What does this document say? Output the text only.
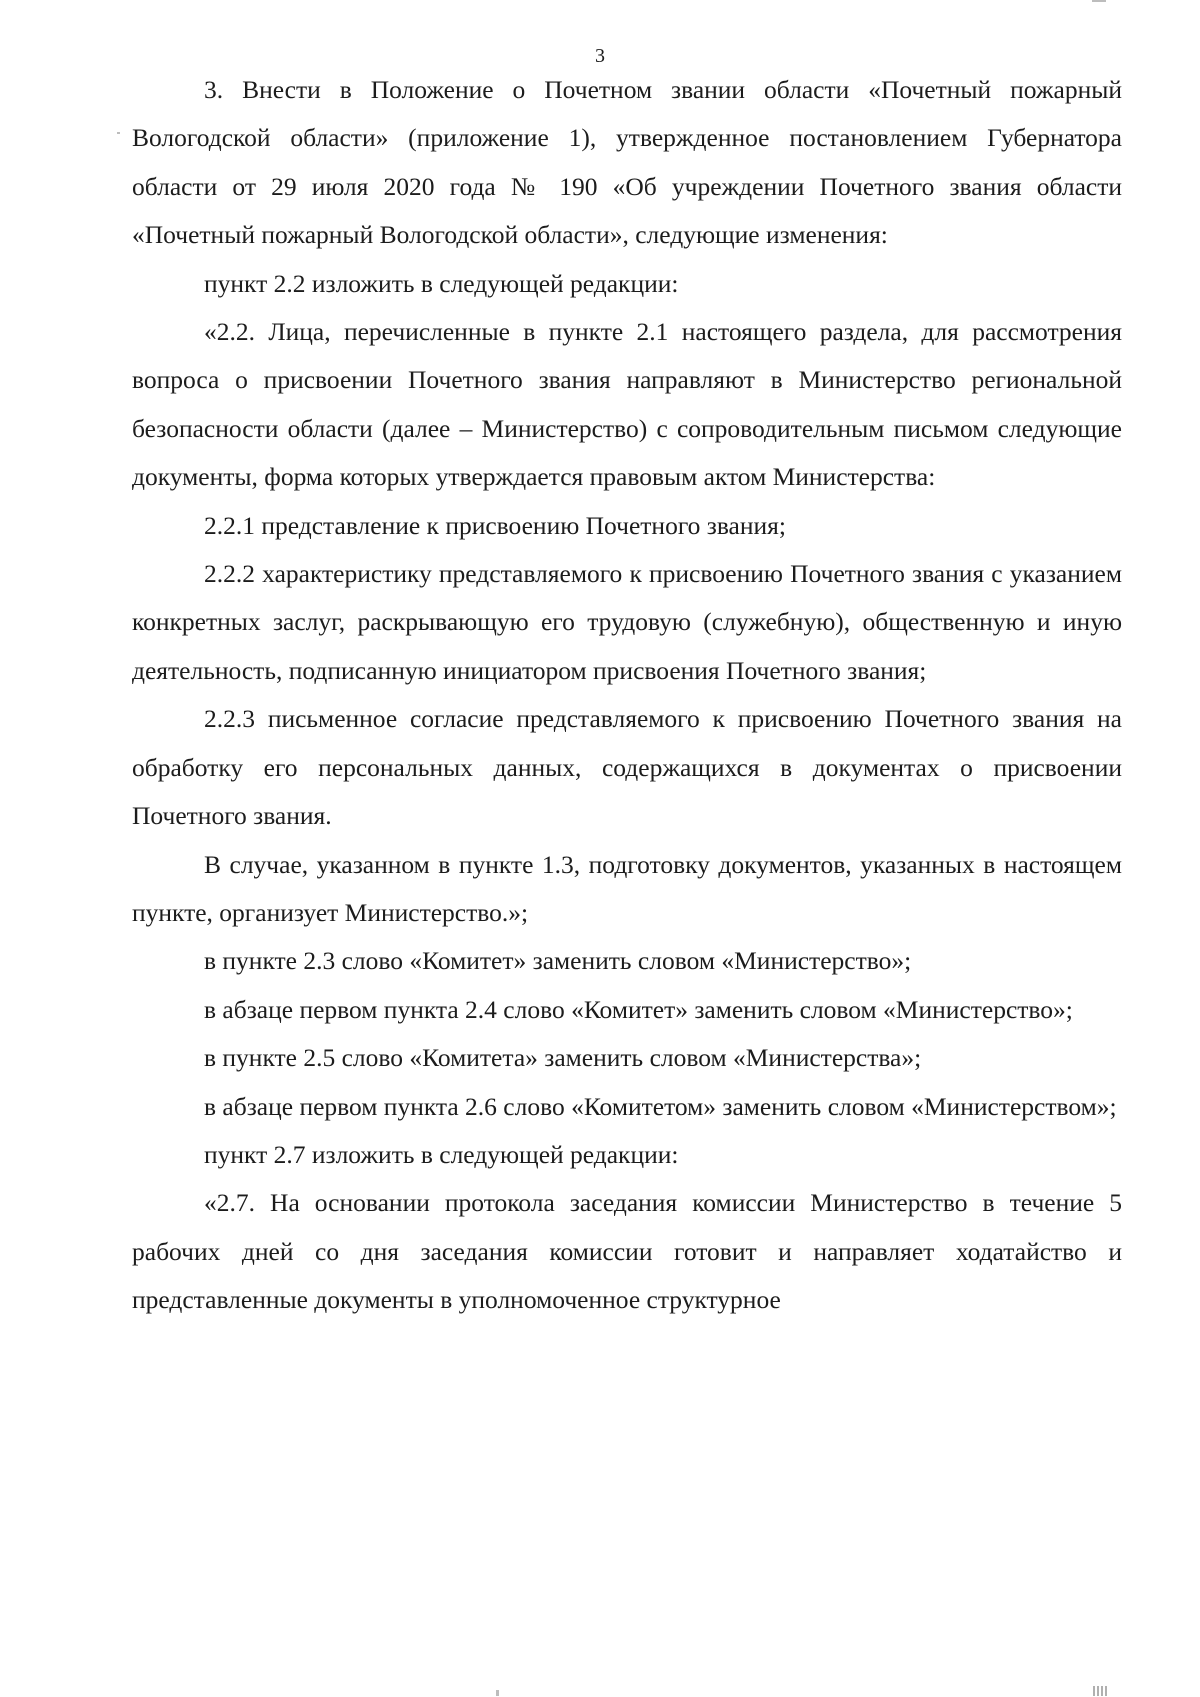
3

3. Внести в Положение о Почетном звании области «Почетный пожарный Вологодской области» (приложение 1), утвержденное постановлением Губернатора области от 29 июля 2020 года № 190 «Об учреждении Почетного звания области «Почетный пожарный Вологодской области», следующие изменения:

пункт 2.2 изложить в следующей редакции:

«2.2. Лица, перечисленные в пункте 2.1 настоящего раздела, для рассмотрения вопроса о присвоении Почетного звания направляют в Министерство региональной безопасности области (далее – Министерство) с сопроводительным письмом следующие документы, форма которых утверждается правовым актом Министерства:

2.2.1 представление к присвоению Почетного звания;

2.2.2 характеристику представляемого к присвоению Почетного звания с указанием конкретных заслуг, раскрывающую его трудовую (служебную), общественную и иную деятельность, подписанную инициатором присвоения Почетного звания;

2.2.3 письменное согласие представляемого к присвоению Почетного звания на обработку его персональных данных, содержащихся в документах о присвоении Почетного звания.

В случае, указанном в пункте 1.3, подготовку документов, указанных в настоящем пункте, организует Министерство.»;

в пункте 2.3 слово «Комитет» заменить словом «Министерство»;

в абзаце первом пункта 2.4 слово «Комитет» заменить словом «Министерство»;

в пункте 2.5 слово «Комитета» заменить словом «Министерства»;

в абзаце первом пункта 2.6 слово «Комитетом» заменить словом «Министерством»;

пункт 2.7 изложить в следующей редакции:

«2.7. На основании протокола заседания комиссии Министерство в течение 5 рабочих дней со дня заседания комиссии готовит и направляет ходатайство и представленные документы в уполномоченное структурное
